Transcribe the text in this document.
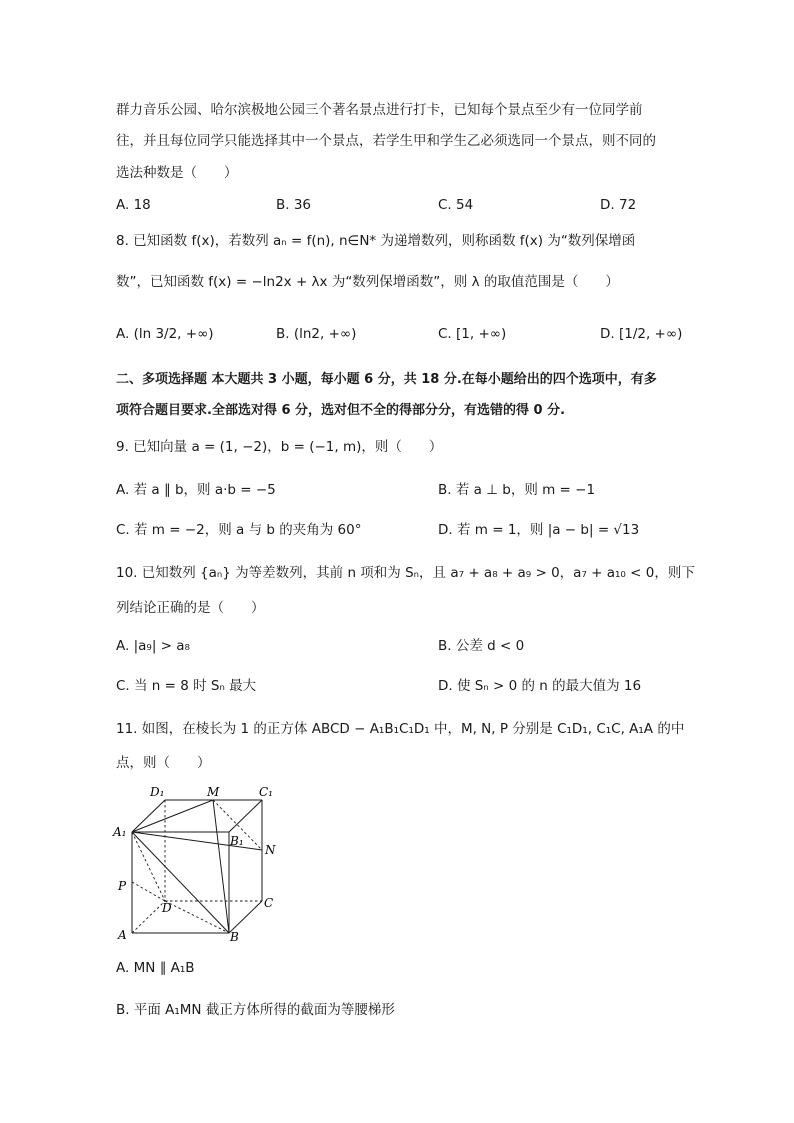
群力音乐公园、哈尔滨极地公园三个著名景点进行打卡，已知每个景点至少有一位同学前
往，并且每位同学只能选择其中一个景点，若学生甲和学生乙必须选同一个景点，则不同的
选法种数是（　　）
A. 18	B. 36	C. 54	D. 72
8. 已知函数 f(x)，若数列 aₙ = f(n), n∈N* 为递增数列，则称函数 f(x) 为“数列保增函
数”，已知函数 f(x) = −ln2x + λx 为“数列保增函数”，则 λ 的取值范围是（　　）
A. (ln 3/2, +∞)	B. (ln2, +∞)	C. [1, +∞)	D. [1/2, +∞)
二、多项选择题 本大题共 3 小题，每小题 6 分，共 18 分.在每小题给出的四个选项中，有多
项符合题目要求.全部选对得 6 分，选对但不全的得部分分，有选错的得 0 分.
9. 已知向量 a = (1, −2)，b = (−1, m)，则（　　）
A. 若 a ∥ b，则 a·b = −5	B. 若 a ⊥ b，则 m = −1
C. 若 m = −2，则 a 与 b 的夹角为 60°	D. 若 m = 1，则 |a − b| = √13
10. 已知数列 {aₙ} 为等差数列，其前 n 项和为 Sₙ，且 a₇ + a₈ + a₉ > 0，a₇ + a₁₀ < 0，则下
列结论正确的是（　　）
A. |a₉| > a₈	B. 公差 d < 0
C. 当 n = 8 时 Sₙ 最大	D. 使 Sₙ > 0 的 n 的最大值为 16
11. 如图，在棱长为 1 的正方体 ABCD − A₁B₁C₁D₁ 中，M, N, P 分别是 C₁D₁, C₁C, A₁A 的中
点，则（　　）
D₁	M	C₁
A₁
B₁
N
P
D	C
A	B
A. MN ∥ A₁B
B. 平面 A₁MN 截正方体所得的截面为等腰梯形
